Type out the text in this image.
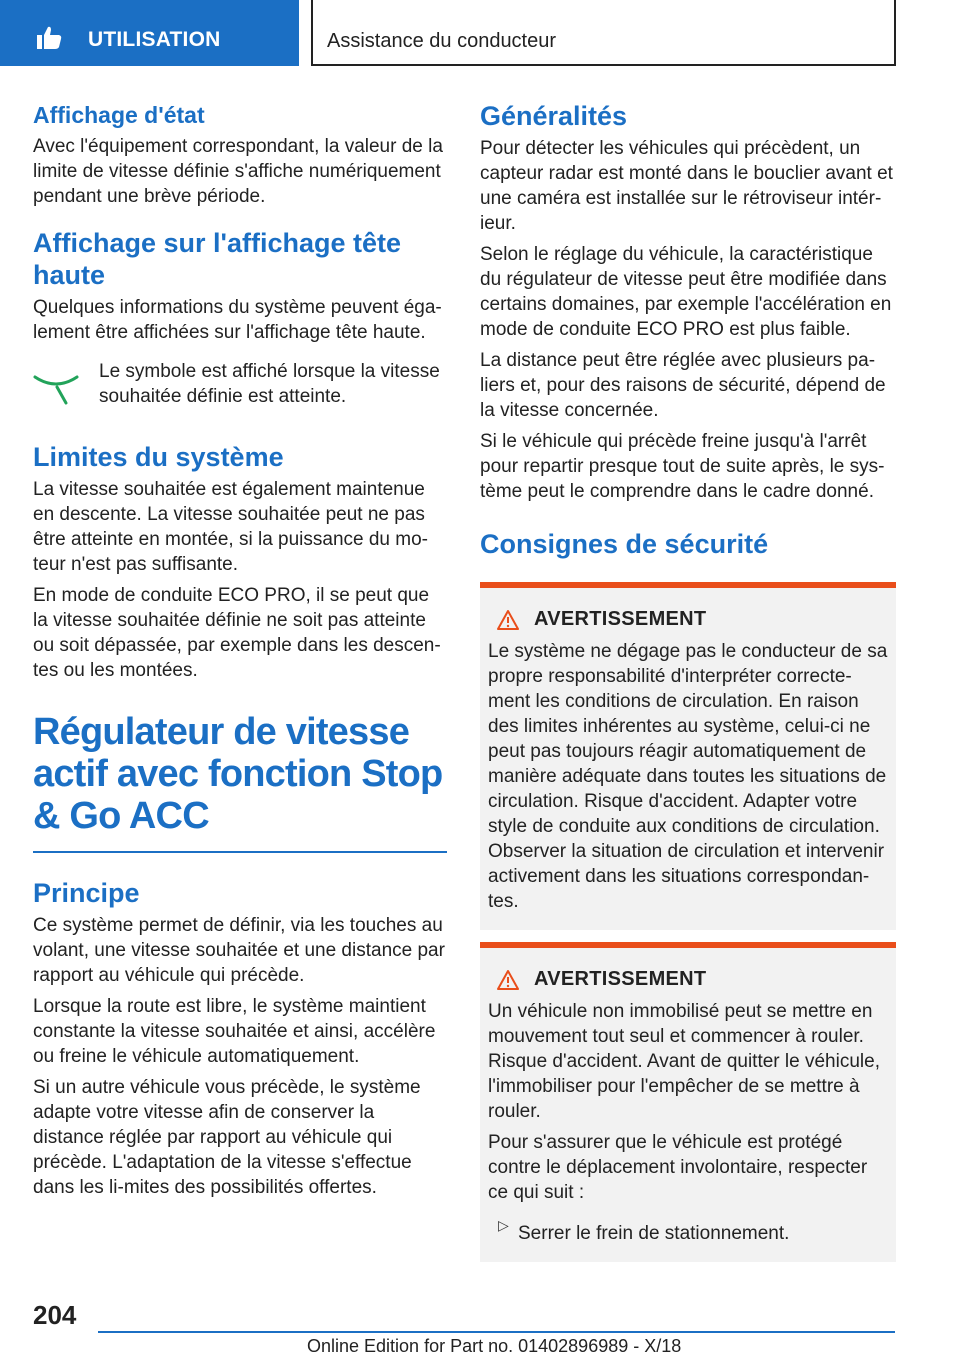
UTILISATION	Assistance du conducteur
Affichage d'état

Avec l'équipement correspondant, la valeur de la limite de vitesse définie s'affiche numériquement pendant une brève période.

Affichage sur l'affichage tête haute

Quelques informations du système peuvent éga-lement être affichées sur l'affichage tête haute.

Le symbole est affiché lorsque la vitesse souhaitée définie est atteinte.

Limites du système

La vitesse souhaitée est également maintenue en descente. La vitesse souhaitée peut ne pas être atteinte en montée, si la puissance du mo-teur n'est pas suffisante.

En mode de conduite ECO PRO, il se peut que la vitesse souhaitée définie ne soit pas atteinte ou soit dépassée, par exemple dans les descen-tes ou les montées.

Régulateur de vitesse actif avec fonction Stop & Go ACC
Principe

Ce système permet de définir, via les touches au volant, une vitesse souhaitée et une distance par rapport au véhicule qui précède.

Lorsque la route est libre, le système maintient constante la vitesse souhaitée et ainsi, accélère ou freine le véhicule automatiquement.

Si un autre véhicule vous précède, le système adapte votre vitesse afin de conserver la distance réglée par rapport au véhicule qui précède. L'adaptation de la vitesse s'effectue dans les li-mites des possibilités offertes.

Généralités

Pour détecter les véhicules qui précèdent, un capteur radar est monté dans le bouclier avant et une caméra est installée sur le rétroviseur intér-ieur.

Selon le réglage du véhicule, la caractéristique du régulateur de vitesse peut être modifiée dans certains domaines, par exemple l'accélération en mode de conduite ECO PRO est plus faible.

La distance peut être réglée avec plusieurs pa-liers et, pour des raisons de sécurité, dépend de la vitesse concernée.

Si le véhicule qui précède freine jusqu'à l'arrêt pour repartir presque tout de suite après, le sys-tème peut le comprendre dans le cadre donné.

Consignes de sécurité
AVERTISSEMENT

Le système ne dégage pas le conducteur de sa propre responsabilité d'interpréter correcte-ment les conditions de circulation. En raison des limites inhérentes au système, celui-ci ne peut pas toujours réagir automatiquement de manière adéquate dans toutes les situations de circulation. Risque d'accident. Adapter votre style de conduite aux conditions de circulation. Observer la situation de circulation et intervenir activement dans les situations correspondan-tes.

AVERTISSEMENT

Un véhicule non immobilisé peut se mettre en mouvement tout seul et commencer à rouler. Risque d'accident. Avant de quitter le véhicule, l'immobiliser pour l'empêcher de se mettre à rouler.

Pour s'assurer que le véhicule est protégé contre le déplacement involontaire, respecter ce qui suit :

▷ Serrer le frein de stationnement.

204
Online Edition for Part no. 01402896989 - X/18
